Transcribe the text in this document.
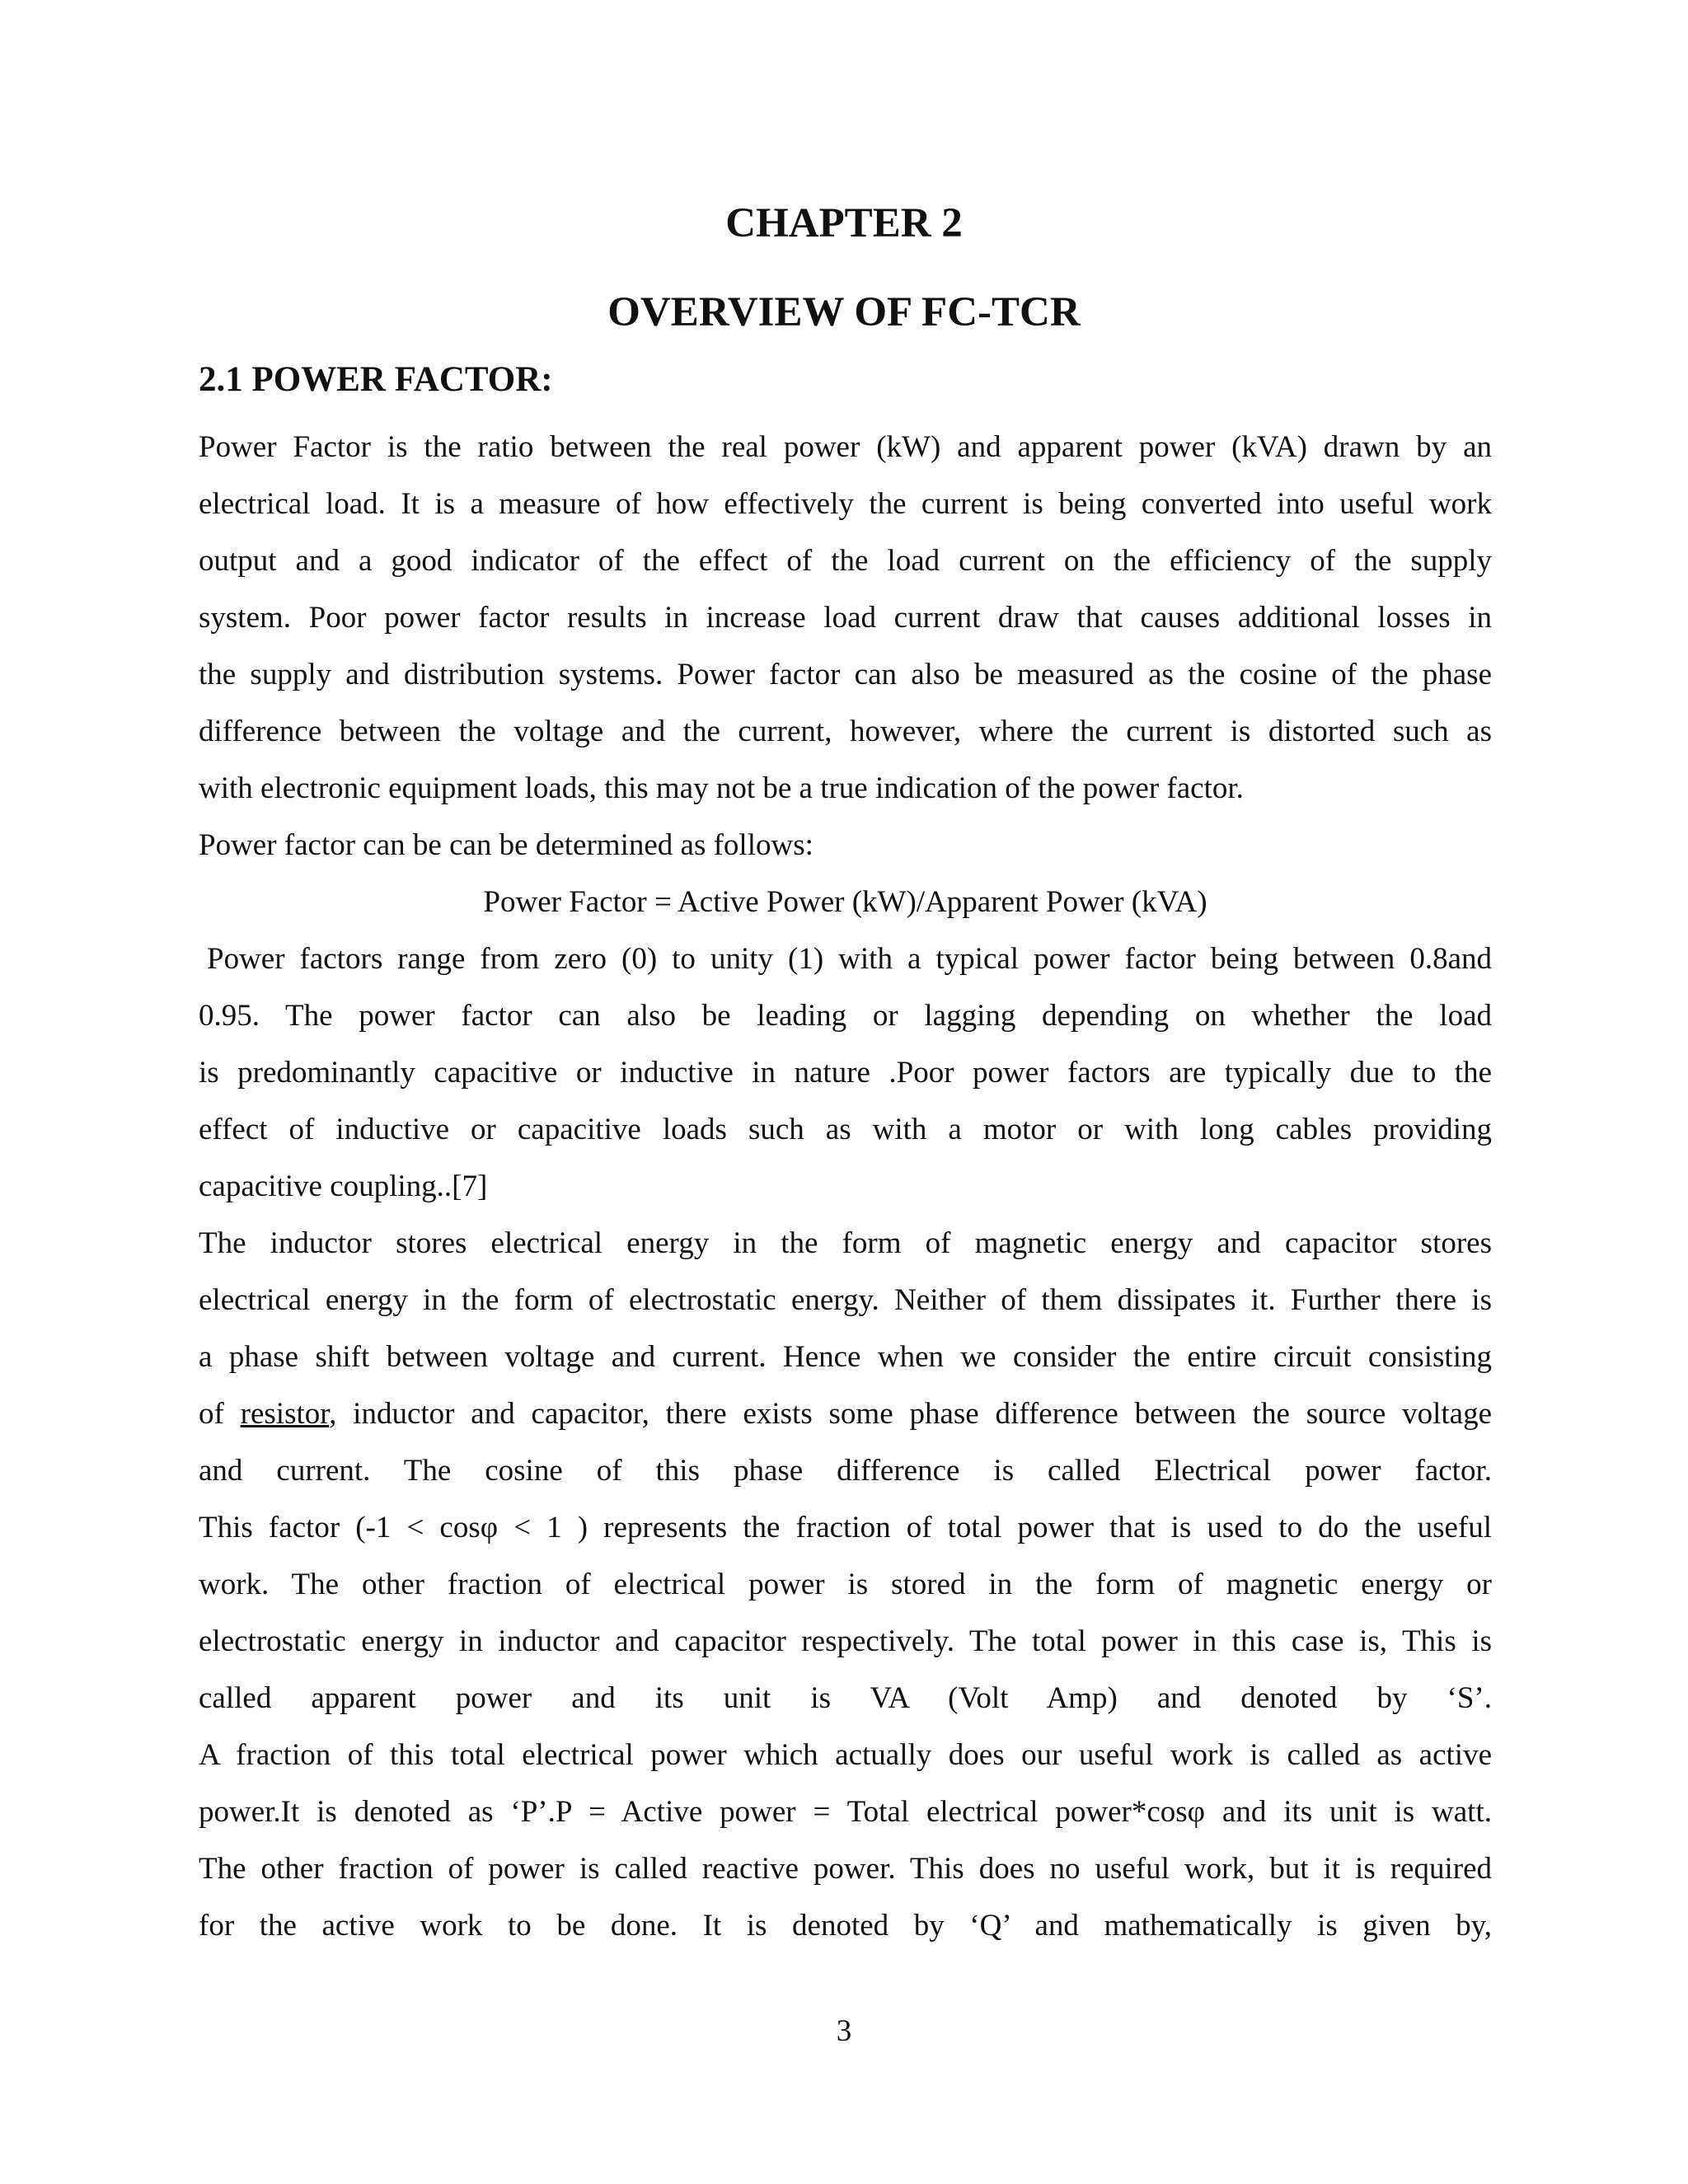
CHAPTER 2
OVERVIEW OF FC-TCR
2.1 POWER FACTOR:
Power Factor is the ratio between the real power (kW) and apparent power (kVA) drawn by an
electrical load. It is a measure of how effectively the current is being converted into useful work
output and a good indicator of the effect of the load current on the efficiency of the supply
system. Poor power factor results in increase load current draw that causes additional losses in
the supply and distribution systems. Power factor can also be measured as the cosine of the phase
difference between the voltage and the current, however, where the current is distorted such as
with electronic equipment loads, this may not be a true indication of the power factor.
Power factor can be can be determined as follows:
Power Factor = Active Power (kW)/Apparent Power (kVA)
Power factors range from zero (0) to unity (1) with a typical power factor being between 0.8and
0.95. The power factor can also be leading or lagging depending on whether the load
is predominantly capacitive or inductive in nature .Poor power factors are typically due to the
effect of inductive or capacitive loads such as with a motor or with long cables providing
capacitive coupling..[7]
The inductor stores electrical energy in the form of magnetic energy and capacitor stores
electrical energy in the form of electrostatic energy. Neither of them dissipates it. Further there is
a phase shift between voltage and current. Hence when we consider the entire circuit consisting
of resistor, inductor and capacitor, there exists some phase difference between the source voltage
and current. The cosine of this phase difference is called Electrical power factor.
This factor (-1 < cosφ < 1 ) represents the fraction of total power that is used to do the useful
work. The other fraction of electrical power is stored in the form of magnetic energy or
electrostatic energy in inductor and capacitor respectively. The total power in this case is, This is
called apparent power and its unit is VA (Volt Amp) and denoted by ‘S’.
A fraction of this total electrical power which actually does our useful work is called as active
power.It is denoted as ‘P’.P = Active power = Total electrical power*cosφ and its unit is watt.
The other fraction of power is called reactive power. This does no useful work, but it is required
for the active work to be done. It is denoted by ‘Q’ and mathematically is given by,
3
